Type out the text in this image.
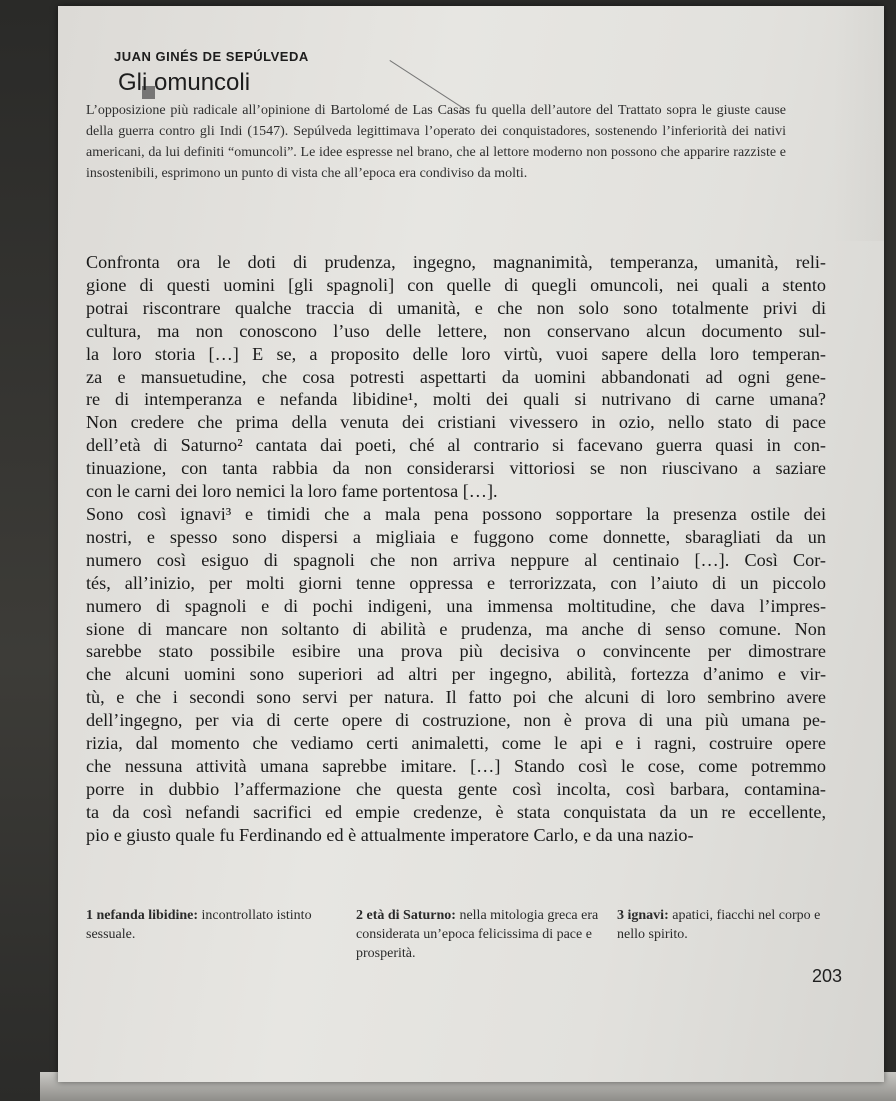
JUAN GINÉS DE SEPÚLVEDA
Gli omuncoli

L’opposizione più radicale all’opinione di Bartolomé de Las Casas fu quella dell’autore del Trattato sopra le giuste cause della guerra contro gli Indi (1547). Sepúlveda legittimava l’operato dei conquistadores, sostenendo l’inferiorità dei nativi americani, da lui definiti “omuncoli”. Le idee espresse nel brano, che al lettore moderno non possono che apparire razziste e insostenibili, esprimono un punto di vista che all’epoca era condiviso da molti.

Confronta ora le doti di prudenza, ingegno, magnanimità, temperanza, umanità, reli-
gione di questi uomini [gli spagnoli] con quelle di quegli omuncoli, nei quali a stento
potrai riscontrare qualche traccia di umanità, e che non solo sono totalmente privi di
cultura, ma non conoscono l’uso delle lettere, non conservano alcun documento sul-
la loro storia […] E se, a proposito delle loro virtù, vuoi sapere della loro temperan-
za e mansuetudine, che cosa potresti aspettarti da uomini abbandonati ad ogni gene-
re di intemperanza e nefanda libidine¹, molti dei quali si nutrivano di carne umana?
Non credere che prima della venuta dei cristiani vivessero in ozio, nello stato di pace
dell’età di Saturno² cantata dai poeti, ché al contrario si facevano guerra quasi in con-
tinuazione, con tanta rabbia da non considerarsi vittoriosi se non riuscivano a saziare
con le carni dei loro nemici la loro fame portentosa […].
Sono così ignavi³ e timidi che a mala pena possono sopportare la presenza ostile dei
nostri, e spesso sono dispersi a migliaia e fuggono come donnette, sbaragliati da un
numero così esiguo di spagnoli che non arriva neppure al centinaio […]. Così Cor-
tés, all’inizio, per molti giorni tenne oppressa e terrorizzata, con l’aiuto di un piccolo
numero di spagnoli e di pochi indigeni, una immensa moltitudine, che dava l’impres-
sione di mancare non soltanto di abilità e prudenza, ma anche di senso comune. Non
sarebbe stato possibile esibire una prova più decisiva o convincente per dimostrare
che alcuni uomini sono superiori ad altri per ingegno, abilità, fortezza d’animo e vir-
tù, e che i secondi sono servi per natura. Il fatto poi che alcuni di loro sembrino avere
dell’ingegno, per via di certe opere di costruzione, non è prova di una più umana pe-
rizia, dal momento che vediamo certi animaletti, come le api e i ragni, costruire opere
che nessuna attività umana saprebbe imitare. […] Stando così le cose, come potremmo
porre in dubbio l’affermazione che questa gente così incolta, così barbara, contamina-
ta da così nefandi sacrifici ed empie credenze, è stata conquistata da un re eccellente,
pio e giusto quale fu Ferdinando ed è attualmente imperatore Carlo, e da una nazio-
1 nefanda libidine: incontrollato istinto sessuale.
2 età di Saturno: nella mitologia greca era considerata un’epoca felicissima di pace e prosperità.
3 ignavi: apatici, fiacchi nel corpo e nello spirito.
203
